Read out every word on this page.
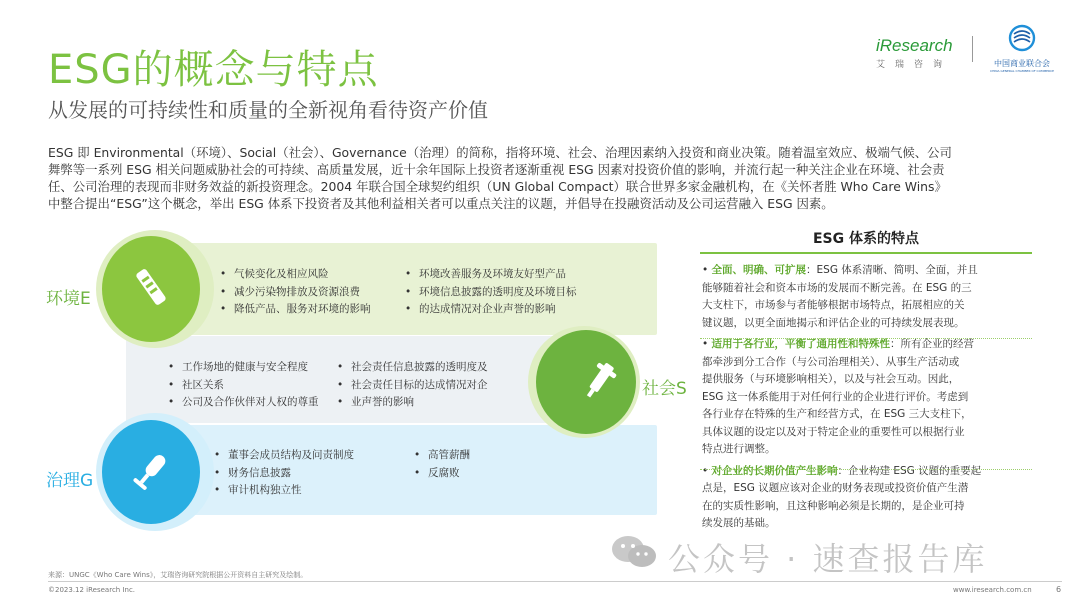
ESG的概念与特点
从发展的可持续性和质量的全新视角看待资产价值
iResearch
艾瑞咨询	中国商业联合会
CHINA GENERAL CHAMBER OF COMMERCE

ESG 即 Environmental（环境）、Social（社会）、Governance（治理）的简称，指将环境、社会、治理因素纳入投资和商业决策。随着温室效应、极端气候、公司

舞弊等一系列 ESG 相关问题威胁社会的可持续、高质量发展，近十余年国际上投资者逐渐重视 ESG 因素对投资价值的影响，并流行起一种关注企业在环境、社会责

任、公司治理的表现而非财务效益的新投资理念。2004 年联合国全球契约组织（UN Global Compact）联合世界多家金融机构，在《关怀者胜 Who Care Wins》

中整合提出“ESG”这个概念，举出 ESG 体系下投资者及其他利益相关者可以重点关注的议题，并倡导在投融资活动及公司运营融入 ESG 因素。

环境E
社会S
治理G
• 气候变化及相应风险
• 减少污染物排放及资源浪费
• 降低产品、服务对环境的影响
• 环境改善服务及环境友好型产品
• 环境信息披露的透明度及环境目标
• 的达成情况对企业声誉的影响
• 工作场地的健康与安全程度
• 社区关系
• 公司及合作伙伴对人权的尊重
• 社会责任信息披露的透明度及
• 社会责任目标的达成情况对企
• 业声誉的影响
• 董事会成员结构及问责制度
• 财务信息披露
• 审计机构独立性
• 高管薪酬
• 反腐败
ESG 体系的特点
• 全面、明确、可扩展：ESG 体系清晰、简明、全面，并且
能够随着社会和资本市场的发展而不断完善。在 ESG 的三
大支柱下，市场参与者能够根据市场特点，拓展相应的关
键议题，以更全面地揭示和评估企业的可持续发展表现。
• 适用于各行业，平衡了通用性和特殊性：所有企业的经营
都牵涉到分工合作（与公司治理相关）、从事生产活动或
提供服务（与环境影响相关），以及与社会互动。因此，
ESG 这一体系能用于对任何行业的企业进行评价。考虑到
各行业存在特殊的生产和经营方式，在 ESG 三大支柱下，
具体议题的设定以及对于特定企业的重要性可以根据行业
特点进行调整。
• 对企业的长期价值产生影响：企业构建 ESG 议题的重要起
点是，ESG 议题应该对企业的财务表现或投资价值产生潜
在的实质性影响，且这种影响必须是长期的，是企业可持
续发展的基础。
公众号 · 速查报告库
来源：UNGC《Who Care Wins》，艾瑞咨询研究院根据公开资料自主研究及绘制。
©2023.12 iResearch Inc.	www.iresearch.com.cn	6
